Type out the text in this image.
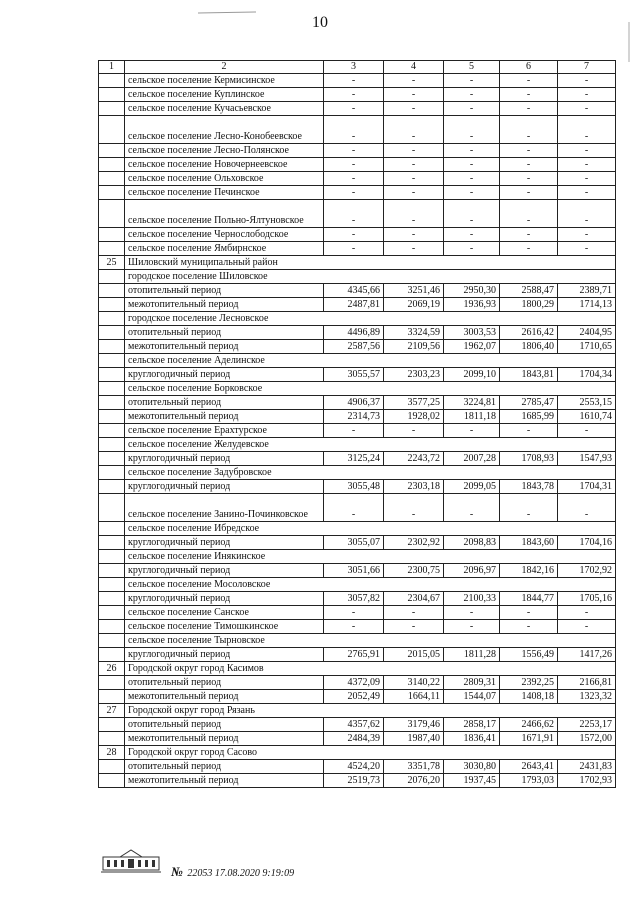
10
1	2	3	4	5	6	7
	сельское поселение Кермисинское	-	-	-	-	-
	сельское поселение Куплинское	-	-	-	-	-
	сельское поселение Кучасьевское	-	-	-	-	-
	сельское поселение Лесно-Конобеевское	-	-	-	-	-
	сельское поселение Лесно-Полянское	-	-	-	-	-
	сельское поселение Новочернеевское	-	-	-	-	-
	сельское поселение Ольховское	-	-	-	-	-
	сельское поселение Печинское	-	-	-	-	-
	сельское поселение Польно-Ялтуновское	-	-	-	-	-
	сельское поселение Чернослободское	-	-	-	-	-
	сельское поселение Ямбирнское	-	-	-	-	-
25	Шиловский муниципальный район					
	городское поселение Шиловское					
	отопительный период	4345,66	3251,46	2950,30	2588,47	2389,71
	межотопительный период	2487,81	2069,19	1936,93	1800,29	1714,13
	городское поселение Лесновское					
	отопительный период	4496,89	3324,59	3003,53	2616,42	2404,95
	межотопительный период	2587,56	2109,56	1962,07	1806,40	1710,65
	сельское поселение Аделинское					
	круглогодичный период	3055,57	2303,23	2099,10	1843,81	1704,34
	сельское поселение Борковское					
	отопительный период	4906,37	3577,25	3224,81	2785,47	2553,15
	межотопительный период	2314,73	1928,02	1811,18	1685,99	1610,74
	сельское поселение Ерахтурское	-	-	-	-	-
	сельское поселение Желудевское					
	круглогодичный период	3125,24	2243,72	2007,28	1708,93	1547,93
	сельское поселение Задубровское					
	круглогодичный период	3055,48	2303,18	2099,05	1843,78	1704,31
	сельское поселение Занино-Починковское	-	-	-	-	-
	сельское поселение Ибредское					
	круглогодичный период	3055,07	2302,92	2098,83	1843,60	1704,16
	сельское поселение Инякинское					
	круглогодичный период	3051,66	2300,75	2096,97	1842,16	1702,92
	сельское поселение Мосоловское					
	круглогодичный период	3057,82	2304,67	2100,33	1844,77	1705,16
	сельское поселение Санское	-	-	-	-	-
	сельское поселение Тимошкинское	-	-	-	-	-
	сельское поселение Тырновское					
	круглогодичный период	2765,91	2015,05	1811,28	1556,49	1417,26
26	Городской округ город Касимов					
	отопительный период	4372,09	3140,22	2809,31	2392,25	2166,81
	межотопительный период	2052,49	1664,11	1544,07	1408,18	1323,32
27	Городской округ город Рязань					
	отопительный период	4357,62	3179,46	2858,17	2466,62	2253,17
	межотопительный период	2484,39	1987,40	1836,41	1671,91	1572,00
28	Городской округ город Сасово					
	отопительный период	4524,20	3351,78	3030,80	2643,41	2431,83
	межотопительный период	2519,73	2076,20	1937,45	1793,03	1702,93
№ 22053 17.08.2020 9:19:09
